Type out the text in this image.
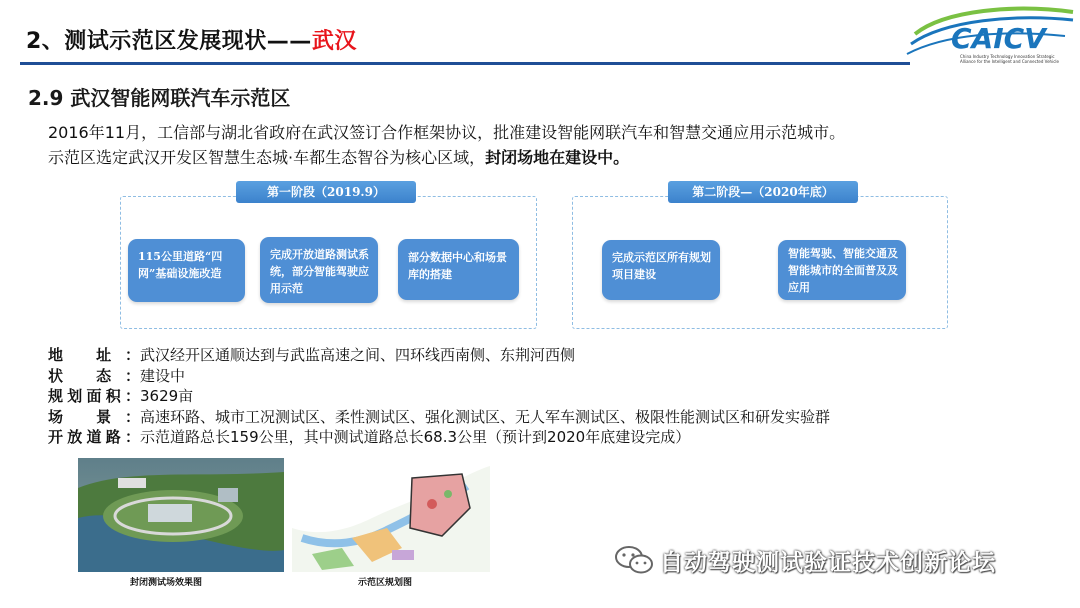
2、测试示范区发展现状——武汉	CAICV
China Industry Technology Innovation Strategic Alliance for the Intelligent and Connected Vehicle
2.9 武汉智能网联汽车示范区
2016年11月，工信部与湖北省政府在武汉签订合作框架协议，批准建设智能网联汽车和智慧交通应用示范城市。
示范区选定武汉开发区智慧生态城·车都生态智谷为核心区域，封闭场地在建设中。
第一阶段（2019.9）
115公里道路“四网”基础设施改造
完成开放道路测试系统，部分智能驾驶应用示范
部分数据中心和场景库的搭建
第二阶段—（2020年底）
完成示范区所有规划项目建设
智能驾驶、智能交通及智能城市的全面普及及应用
地 址： 武汉经开区通顺达到与武监高速之间、四环线西南侧、东荆河西侧
状 态： 建设中
规划面积： 3629亩
场 景： 高速环路、城市工况测试区、柔性测试区、强化测试区、无人军车测试区、极限性能测试区和研发实验群
开放道路： 示范道路总长159公里，其中测试道路总长68.3公里（预计到2020年底建设完成）
封闭测试场效果图	示范区规划图
自动驾驶测试验证技术创新论坛
